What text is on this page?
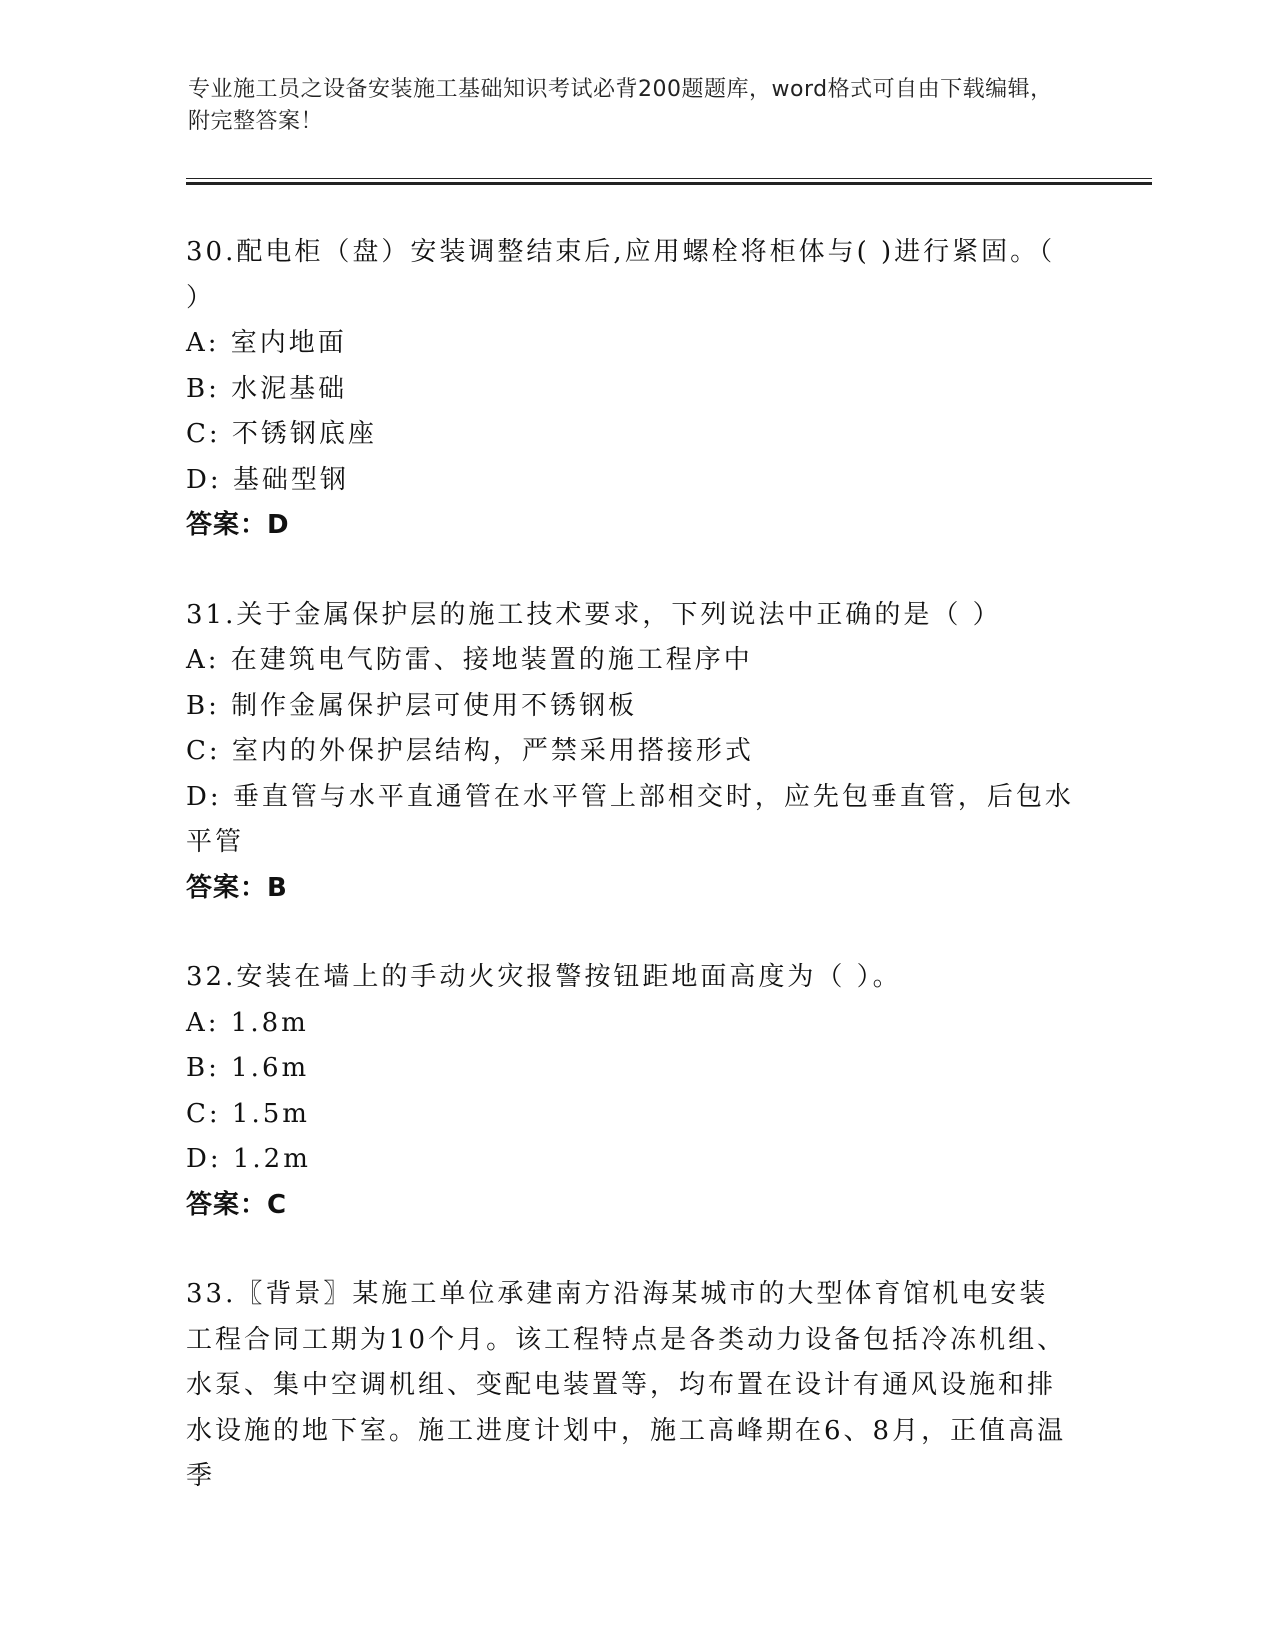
专业施工员之设备安装施工基础知识考试必背200题题库，word格式可自由下载编辑，附完整答案！

30.配电柜（盘）安装调整结束后,应用螺栓将柜体与( )进行紧固。（ ）

A: 室内地面

B: 水泥基础

C: 不锈钢底座

D: 基础型钢

答案：D

31.关于金属保护层的施工技术要求，下列说法中正确的是（ ）

A: 在建筑电气防雷、接地装置的施工程序中

B: 制作金属保护层可使用不锈钢板

C: 室内的外保护层结构，严禁采用搭接形式

D: 垂直管与水平直通管在水平管上部相交时，应先包垂直管，后包水平管

答案：B

32.安装在墙上的手动火灾报警按钮距地面高度为（ ）。

A: 1.8m

B: 1.6m

C: 1.5m

D: 1.2m

答案：C

33.〖背景〗某施工单位承建南方沿海某城市的大型体育馆机电安装工程合同工期为10个月。该工程特点是各类动力设备包括冷冻机组、水泵、集中空调机组、变配电装置等，均布置在设计有通风设施和排水设施的地下室。施工进度计划中，施工高峰期在6、8月，正值高温季
